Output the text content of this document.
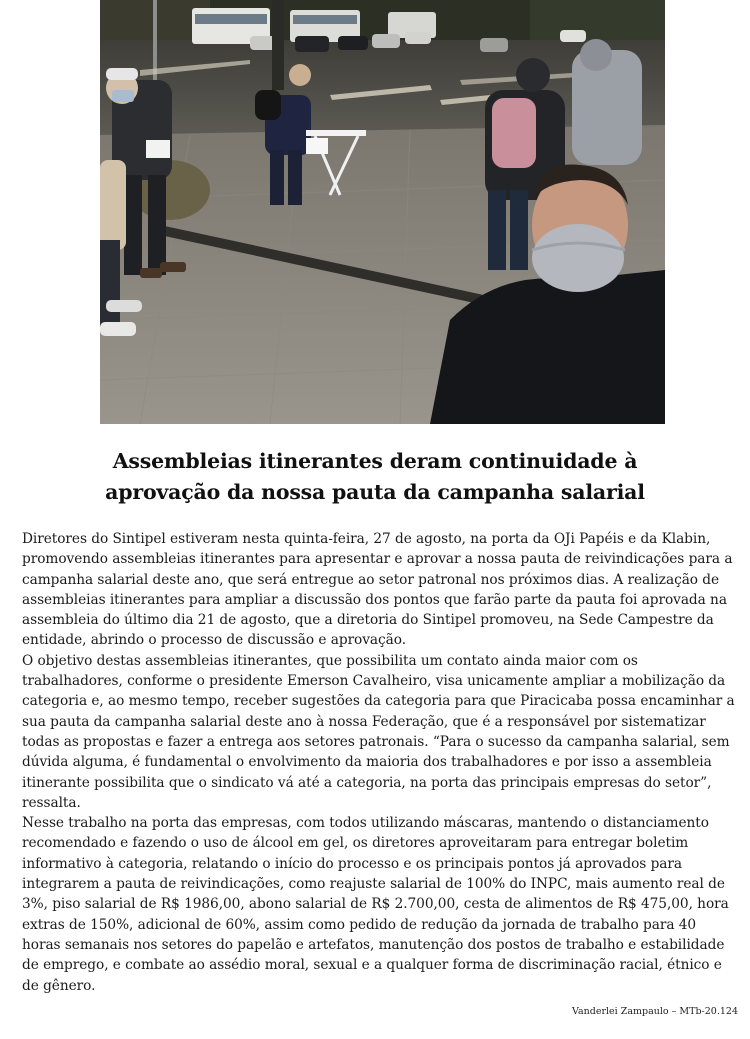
Assembleias itinerantes deram continuidade à
aprovação da nossa pauta da campanha salarial

Diretores do Sintipel estiveram nesta quinta-feira, 27 de agosto, na porta da OJi Papéis e da Klabin, promovendo assembleias itinerantes para apresentar e aprovar a nossa pauta de reivindicações para a campanha salarial deste ano, que será entregue ao setor patronal nos próximos dias. A realização de assembleias itinerantes para ampliar a discussão dos pontos que farão parte da pauta foi aprovada na assembleia do último dia 21 de agosto, que a diretoria do Sintipel promoveu, na Sede Campestre da entidade, abrindo o processo de discussão e aprovação.

O objetivo destas assembleias itinerantes, que possibilita um contato ainda maior com os trabalhadores, conforme o presidente Emerson Cavalheiro, visa unicamente ampliar a mobilização da categoria e, ao mesmo tempo, receber sugestões da categoria para que Piracicaba possa encaminhar a sua pauta da campanha salarial deste ano à nossa Federação, que é a responsável por sistematizar todas as propostas e fazer a entrega aos setores patronais. “Para o sucesso da campanha salarial, sem dúvida alguma, é fundamental o envolvimento da maioria dos trabalhadores e por isso a assembleia itinerante possibilita que o sindicato vá até a categoria, na porta das principais empresas do setor”, ressalta.

Nesse trabalho na porta das empresas, com todos utilizando máscaras, mantendo o distanciamento recomendado e fazendo o uso de álcool em gel, os diretores aproveitaram para entregar boletim informativo à categoria, relatando o início do processo e os principais pontos já aprovados para integrarem a pauta de reivindicações, como reajuste salarial de 100% do INPC, mais aumento real de 3%, piso salarial de R$ 1986,00, abono salarial de R$ 2.700,00, cesta de alimentos de R$ 475,00, hora extras de 150%, adicional de 60%, assim como pedido de redução da jornada de trabalho para 40 horas semanais nos setores do papelão e artefatos, manutenção dos postos de trabalho e estabilidade de emprego, e combate ao assédio moral, sexual e a qualquer forma de discriminação racial, étnico e de gênero.

Vanderlei Zampaulo – MTb-20.124
